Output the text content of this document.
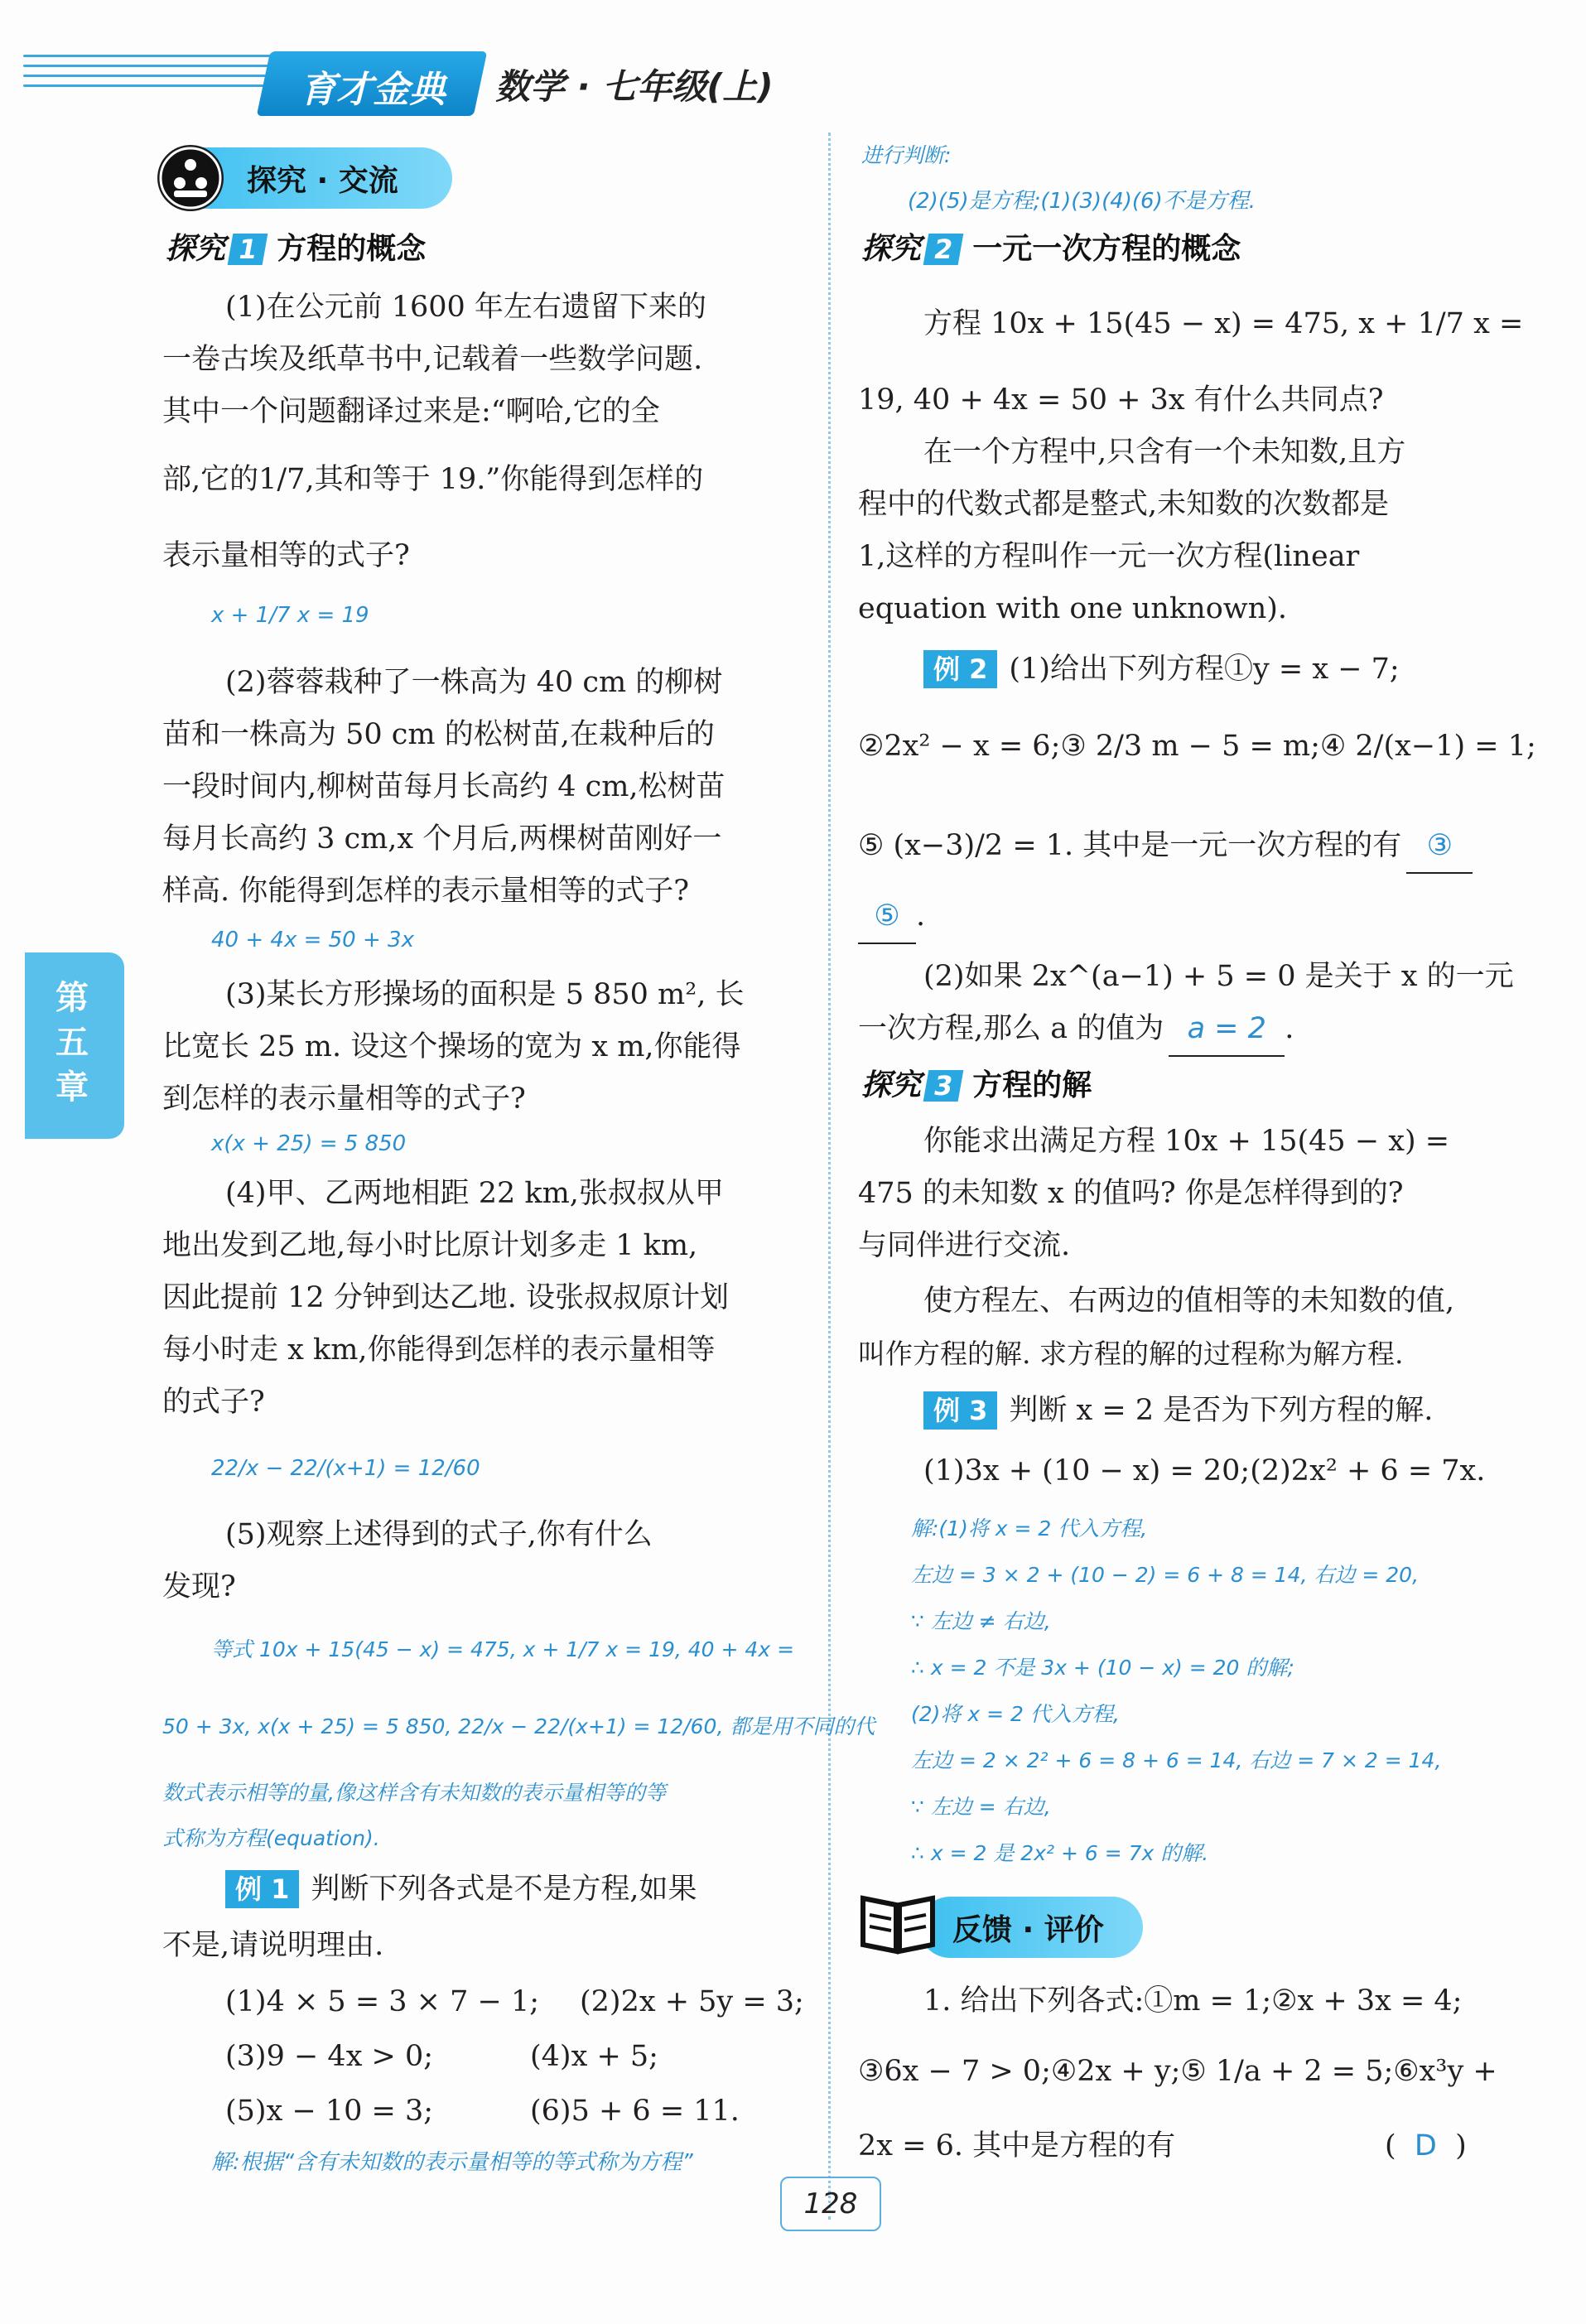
育才金典	数学 · 七年级(上)
第五章
探究 · 交流
探究 1 方程的概念
(1)在公元前 1600 年左右遗留下来的
一卷古埃及纸草书中,记载着一些数学问题.
其中一个问题翻译过来是:“啊哈,它的全
部,它的1/7,其和等于 19.”你能得到怎样的
表示量相等的式子?
x + 1/7 x = 19
(2)蓉蓉栽种了一株高为 40 cm 的柳树
苗和一株高为 50 cm 的松树苗,在栽种后的
一段时间内,柳树苗每月长高约 4 cm,松树苗
每月长高约 3 cm,x 个月后,两棵树苗刚好一
样高. 你能得到怎样的表示量相等的式子?
40 + 4x = 50 + 3x
(3)某长方形操场的面积是 5 850 m², 长
比宽长 25 m. 设这个操场的宽为 x m,你能得
到怎样的表示量相等的式子?
x(x + 25) = 5 850
(4)甲、乙两地相距 22 km,张叔叔从甲
地出发到乙地,每小时比原计划多走 1 km,
因此提前 12 分钟到达乙地. 设张叔叔原计划
每小时走 x km,你能得到怎样的表示量相等
的式子?
22/x − 22/(x+1) = 12/60
(5)观察上述得到的式子,你有什么
发现?
等式 10x + 15(45 − x) = 475, x + 1/7 x = 19, 40 + 4x =
50 + 3x, x(x + 25) = 5 850, 22/x − 22/(x+1) = 12/60, 都是用不同的代
数式表示相等的量,像这样含有未知数的表示量相等的等
式称为方程(equation).
例 1 判断下列各式是不是方程,如果
不是,请说明理由.
(1)4 × 5 = 3 × 7 − 1; (2)2x + 5y = 3;
(3)9 − 4x > 0;	(4)x + 5;
(5)x − 10 = 3;	(6)5 + 6 = 11.
解:根据“含有未知数的表示量相等的等式称为方程”
进行判断:
(2)(5)是方程;(1)(3)(4)(6)不是方程.
探究 2 一元一次方程的概念
方程 10x + 15(45 − x) = 475, x + 1/7 x =
19, 40 + 4x = 50 + 3x 有什么共同点?
在一个方程中,只含有一个未知数,且方
程中的代数式都是整式,未知数的次数都是
1,这样的方程叫作一元一次方程(linear
equation with one unknown).
例 2 (1)给出下列方程①y = x − 7;
②2x² − x = 6;③ 2/3 m − 5 = m;④ 2/(x−1) = 1;
⑤ (x−3)/2 = 1. 其中是一元一次方程的有 ③
⑤ .
(2)如果 2x^(a−1) + 5 = 0 是关于 x 的一元
一次方程,那么 a 的值为 a = 2 .
探究 3 方程的解
你能求出满足方程 10x + 15(45 − x) =
475 的未知数 x 的值吗? 你是怎样得到的?
与同伴进行交流.
使方程左、右两边的值相等的未知数的值,
叫作方程的解. 求方程的解的过程称为解方程.
例 3 判断 x = 2 是否为下列方程的解.
(1)3x + (10 − x) = 20;(2)2x² + 6 = 7x.
解:(1)将 x = 2 代入方程,
左边 = 3 × 2 + (10 − 2) = 6 + 8 = 14, 右边 = 20,
∵ 左边 ≠ 右边,
∴ x = 2 不是 3x + (10 − x) = 20 的解;
(2)将 x = 2 代入方程,
左边 = 2 × 2² + 6 = 8 + 6 = 14, 右边 = 7 × 2 = 14,
∵ 左边 = 右边,
∴ x = 2 是 2x² + 6 = 7x 的解.
反馈 · 评价
1. 给出下列各式:①m = 1;②x + 3x = 4;
③6x − 7 > 0;④2x + y;⑤ 1/a + 2 = 5;⑥x³y +
2x = 6. 其中是方程的有	(  D  )
128
